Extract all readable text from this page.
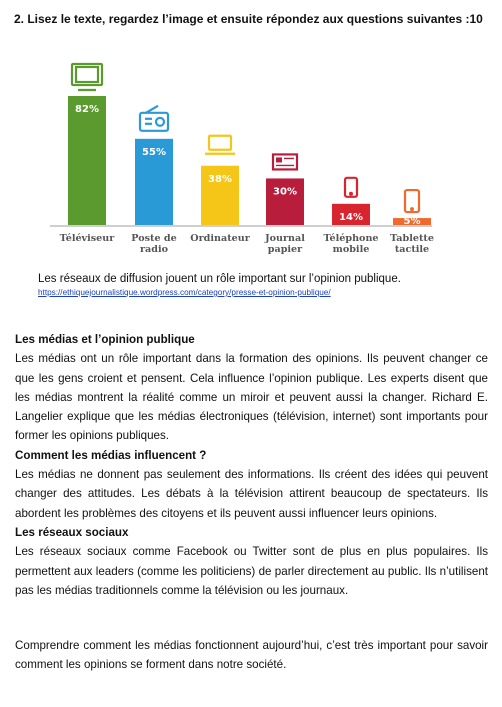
2. Lisez le texte, regardez l’image et ensuite répondez aux questions suivantes :10
82%
Téléviseur
55%
Poste de
radio
38%
Ordinateur
30%
Journal
papier
14%
Téléphone
mobile
5%
Tablette
tactile
Les réseaux de diffusion jouent un rôle important sur l’opinion publique.
https://ethiquejournalistique.wordpress.com/category/presse-et-opinion-publique/
Les médias et l’opinion publique

Les médias ont un rôle important dans la formation des opinions. Ils peuvent changer ce que les gens croient et pensent. Cela influence l’opinion publique. Les experts disent que les médias montrent la réalité comme un miroir et peuvent aussi la changer. Richard E. Langelier explique que les médias électroniques (télévision, internet) sont importants pour former les opinions publiques.

Comment les médias influencent ?

Les médias ne donnent pas seulement des informations. Ils créent des idées qui peuvent changer des attitudes. Les débats à la télévision attirent beaucoup de spectateurs. Ils abordent les problèmes des citoyens et ils peuvent aussi influencer leurs opinions.

Les réseaux sociaux

Les réseaux sociaux comme Facebook ou Twitter sont de plus en plus populaires. Ils permettent aux leaders (comme les politiciens) de parler directement au public. Ils n’utilisent pas les médias traditionnels comme la télévision ou les journaux.

Comprendre comment les médias fonctionnent aujourd’hui, c’est très important pour savoir comment les opinions se forment dans notre société.
